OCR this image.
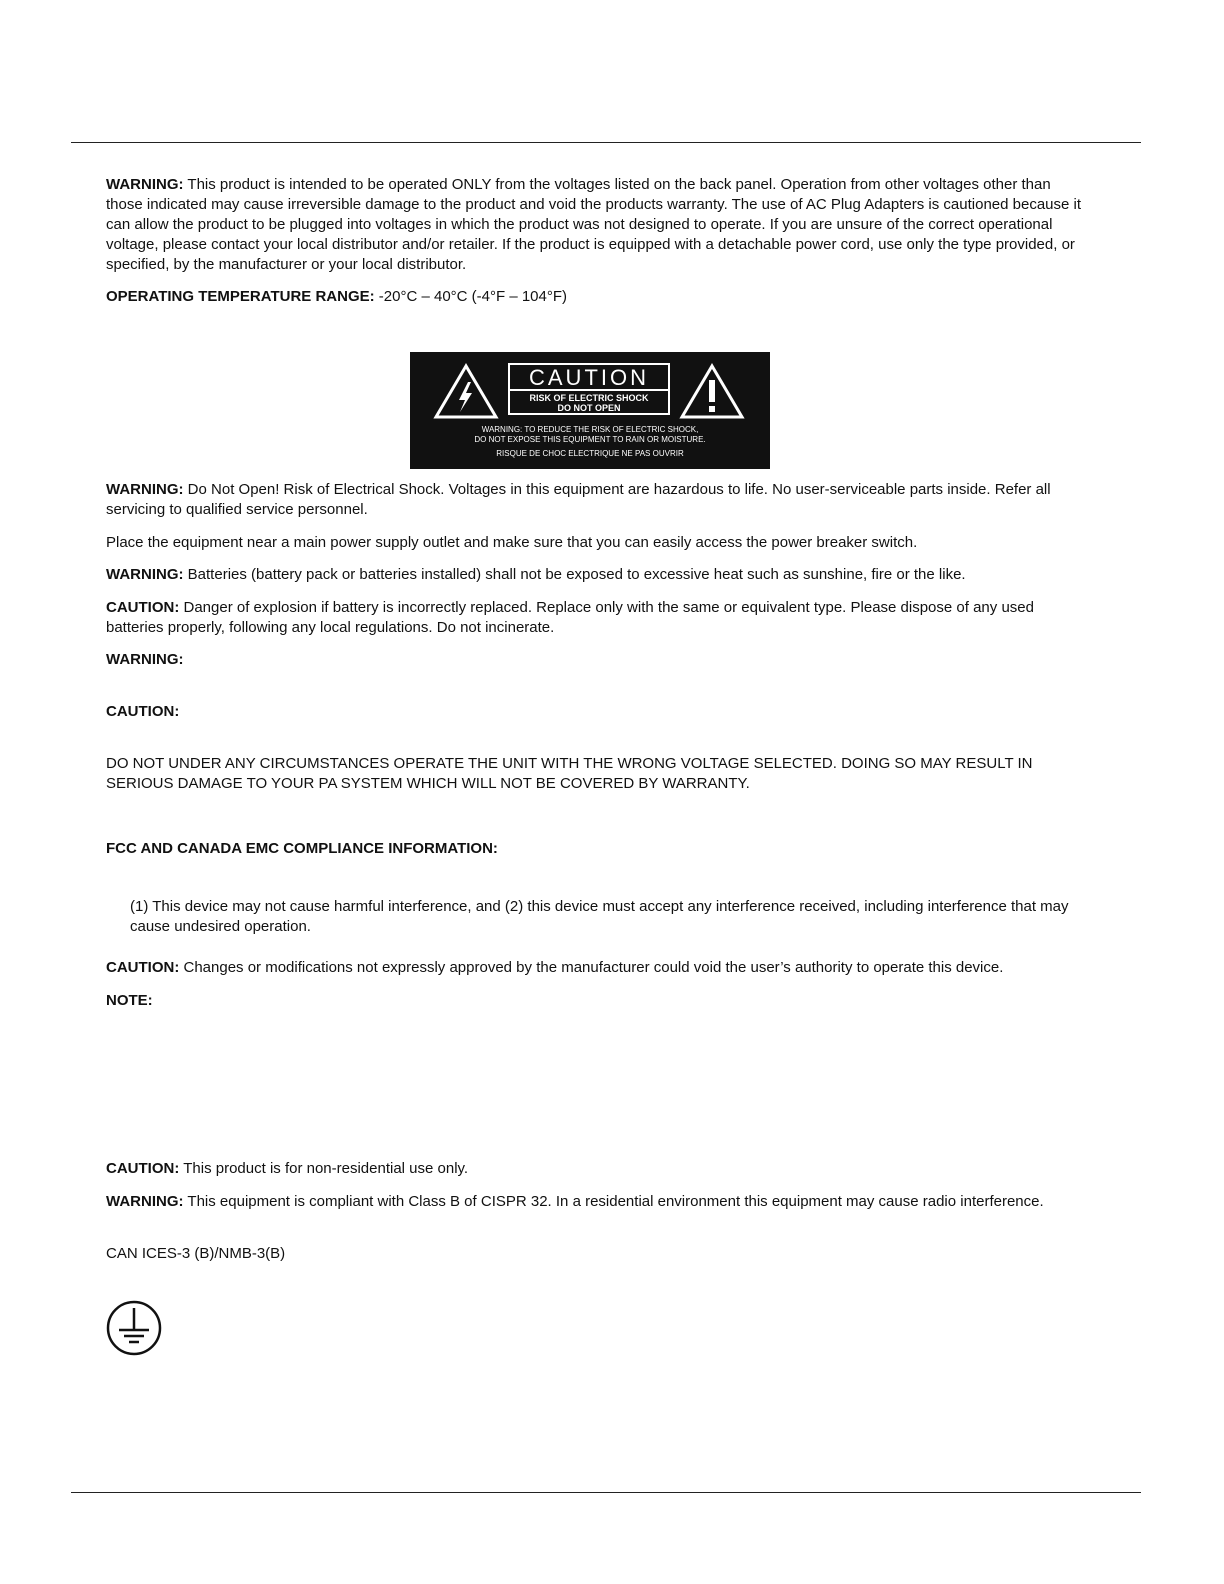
WARNING: This product is intended to be operated ONLY from the voltages listed on the back panel. Operation from other voltages other than those indicated may cause irreversible damage to the product and void the products warranty. The use of AC Plug Adapters is cautioned because it can allow the product to be plugged into voltages in which the product was not designed to operate. If you are unsure of the correct operational voltage, please contact your local distributor and/or retailer. If the product is equipped with a detachable power cord, use only the type provided, or specified, by the manufacturer or your local distributor.

OPERATING TEMPERATURE RANGE: -20°C – 40°C (-4°F – 104°F)

CAUTION
RISK OF ELECTRIC SHOCK
DO NOT OPEN
WARNING: TO REDUCE THE RISK OF ELECTRIC SHOCK,
DO NOT EXPOSE THIS EQUIPMENT TO RAIN OR MOISTURE.
RISQUE DE CHOC ELECTRIQUE NE PAS OUVRIR

WARNING: Do Not Open! Risk of Electrical Shock. Voltages in this equipment are hazardous to life. No user-serviceable parts inside. Refer all servicing to qualified service personnel.

Place the equipment near a main power supply outlet and make sure that you can easily access the power breaker switch.

WARNING: Batteries (battery pack or batteries installed) shall not be exposed to excessive heat such as sunshine, fire or the like.

CAUTION: Danger of explosion if battery is incorrectly replaced. Replace only with the same or equivalent type. Please dispose of any used batteries properly, following any local regulations. Do not incinerate.

WARNING:

CAUTION:

DO NOT UNDER ANY CIRCUMSTANCES OPERATE THE UNIT WITH THE WRONG VOLTAGE SELECTED. DOING SO MAY RESULT IN SERIOUS DAMAGE TO YOUR PA SYSTEM WHICH WILL NOT BE COVERED BY WARRANTY.

FCC AND CANADA EMC COMPLIANCE INFORMATION:

(1) This device may not cause harmful interference, and (2) this device must accept any interference received, including interference that may cause undesired operation.

CAUTION: Changes or modifications not expressly approved by the manufacturer could void the user’s authority to operate this device.

NOTE:

CAUTION: This product is for non-residential use only.

WARNING: This equipment is compliant with Class B of CISPR 32. In a residential environment this equipment may cause radio interference.

CAN ICES-3 (B)/NMB-3(B)
